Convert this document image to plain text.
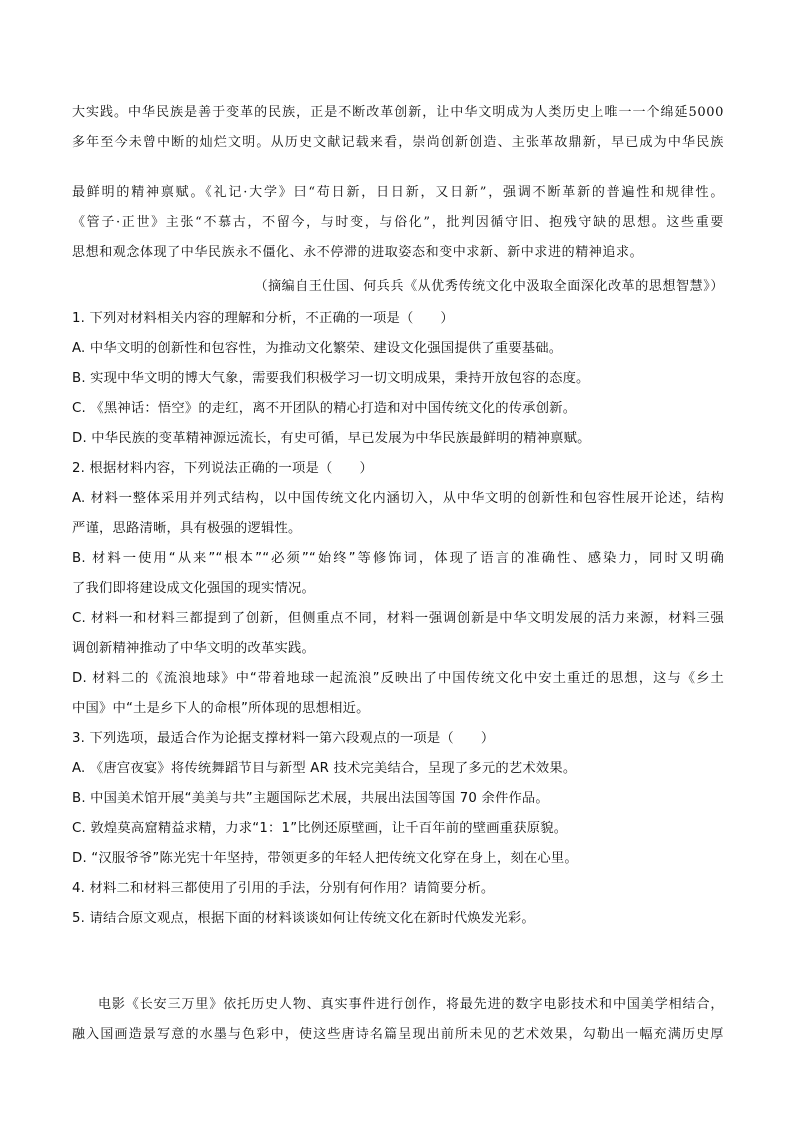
大实践。中华民族是善于变革的民族，正是不断改革创新，让中华文明成为人类历史上唯一一个绵延5000
多年至今未曾中断的灿烂文明。从历史文献记载来看，崇尚创新创造、主张革故鼎新，早已成为中华民族
最鲜明的精神禀赋。《礼记·大学》曰“苟日新，日日新，又日新”，强调不断革新的普遍性和规律性。
《管子·正世》主张“不慕古，不留今，与时变，与俗化”，批判因循守旧、抱残守缺的思想。这些重要
思想和观念体现了中华民族永不僵化、永不停滞的进取姿态和变中求新、新中求进的精神追求。
（摘编自王仕国、何兵兵《从优秀传统文化中汲取全面深化改革的思想智慧》）
1. 下列对材料相关内容的理解和分析，不正确的一项是（　　）
A. 中华文明的创新性和包容性，为推动文化繁荣、建设文化强国提供了重要基础。
B. 实现中华文明的博大气象，需要我们积极学习一切文明成果，秉持开放包容的态度。
C. 《黑神话：悟空》的走红，离不开团队的精心打造和对中国传统文化的传承创新。
D. 中华民族的变革精神源远流长，有史可循，早已发展为中华民族最鲜明的精神禀赋。
2. 根据材料内容，下列说法正确的一项是（　　）
A. 材料一整体采用并列式结构，以中国传统文化内涵切入，从中华文明的创新性和包容性展开论述，结构
严谨，思路清晰，具有极强的逻辑性。
B. 材料一使用“从来”“根本”“必须”“始终”等修饰词，体现了语言的准确性、感染力，同时又明确
了我们即将建设成文化强国的现实情况。
C. 材料一和材料三都提到了创新，但侧重点不同，材料一强调创新是中华文明发展的活力来源，材料三强
调创新精神推动了中华文明的改革实践。
D. 材料二的《流浪地球》中“带着地球一起流浪”反映出了中国传统文化中安土重迁的思想，这与《乡土
中国》中“土是乡下人的命根”所体现的思想相近。
3. 下列选项，最适合作为论据支撑材料一第六段观点的一项是（　　）
A. 《唐宫夜宴》将传统舞蹈节目与新型 AR 技术完美结合，呈现了多元的艺术效果。
B. 中国美术馆开展“美美与共”主题国际艺术展，共展出法国等国 70 余件作品。
C. 敦煌莫高窟精益求精，力求“1：1”比例还原壁画，让千百年前的壁画重获原貌。
D. “汉服爷爷”陈光宪十年坚持，带领更多的年轻人把传统文化穿在身上，刻在心里。
4. 材料二和材料三都使用了引用的手法，分别有何作用？请简要分析。
5. 请结合原文观点，根据下面的材料谈谈如何让传统文化在新时代焕发光彩。
电影《长安三万里》依托历史人物、真实事件进行创作，将最先进的数字电影技术和中国美学相结合，
融入国画造景写意的水墨与色彩中，使这些唐诗名篇呈现出前所未见的艺术效果，勾勒出一幅充满历史厚
